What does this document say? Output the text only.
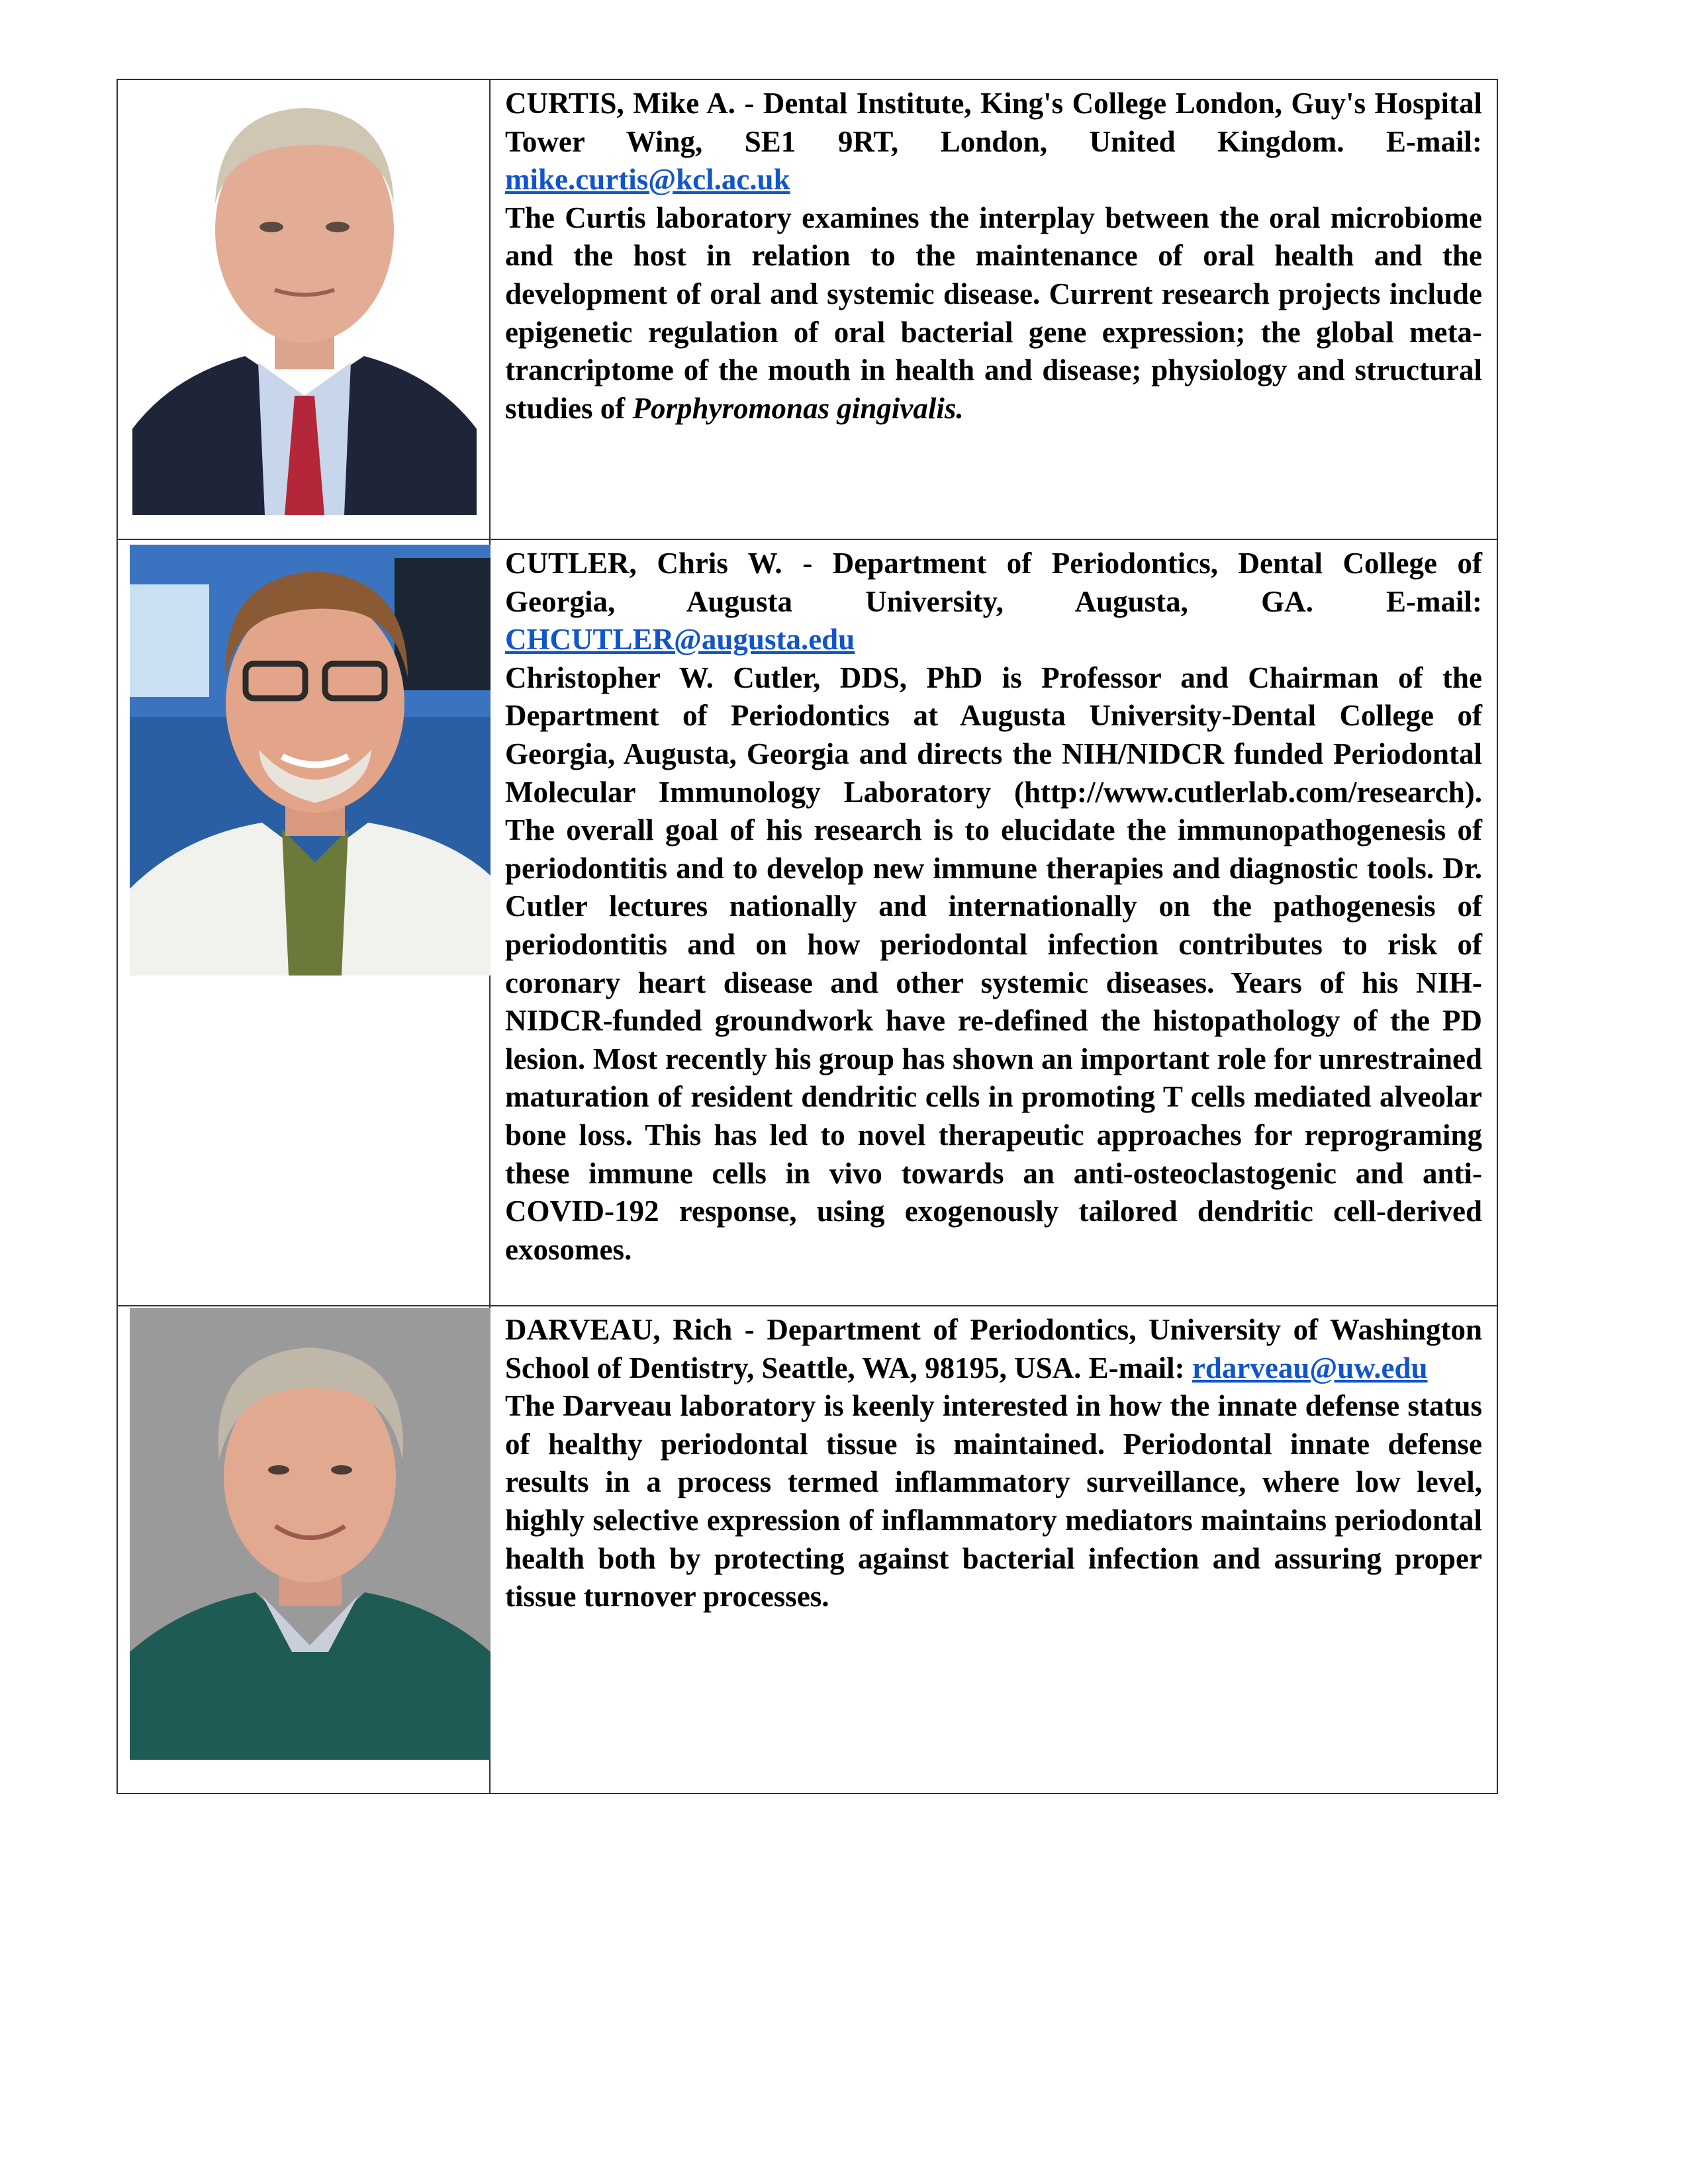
CURTIS, Mike A. - Dental Institute, King's College London, Guy's Hospital Tower Wing, SE1 9RT, London, United Kingdom. E-mail: mike.curtis@kcl.ac.uk
The Curtis laboratory examines the interplay between the oral microbiome and the host in relation to the maintenance of oral health and the development of oral and systemic disease. Current research projects include epigenetic regulation of oral bacterial gene expression; the global meta-trancriptome of the mouth in health and disease; physiology and structural studies of Porphyromonas gingivalis.

CUTLER, Chris W. - Department of Periodontics, Dental College of Georgia, Augusta University, Augusta, GA. E-mail: CHCUTLER@augusta.edu
Christopher W. Cutler, DDS, PhD is Professor and Chairman of the Department of Periodontics at Augusta University-Dental College of Georgia, Augusta, Georgia and directs the NIH/NIDCR funded Periodontal Molecular Immunology Laboratory (http://www.cutlerlab.com/research). The overall goal of his research is to elucidate the immunopathogenesis of periodontitis and to develop new immune therapies and diagnostic tools. Dr. Cutler lectures nationally and internationally on the pathogenesis of periodontitis and on how periodontal infection contributes to risk of coronary heart disease and other systemic diseases. Years of his NIH-NIDCR-funded groundwork have re-defined the histopathology of the PD lesion. Most recently his group has shown an important role for unrestrained maturation of resident dendritic cells in promoting T cells mediated alveolar bone loss. This has led to novel therapeutic approaches for reprograming these immune cells in vivo towards an anti-osteoclastogenic and anti-COVID-192 response, using exogenously tailored dendritic cell-derived exosomes.

DARVEAU, Rich - Department of Periodontics, University of Washington School of Dentistry, Seattle, WA, 98195, USA. E-mail: rdarveau@uw.edu
The Darveau laboratory is keenly interested in how the innate defense status of healthy periodontal tissue is maintained. Periodontal innate defense results in a process termed inflammatory surveillance, where low level, highly selective expression of inflammatory mediators maintains periodontal health both by protecting against bacterial infection and assuring proper tissue turnover processes.
